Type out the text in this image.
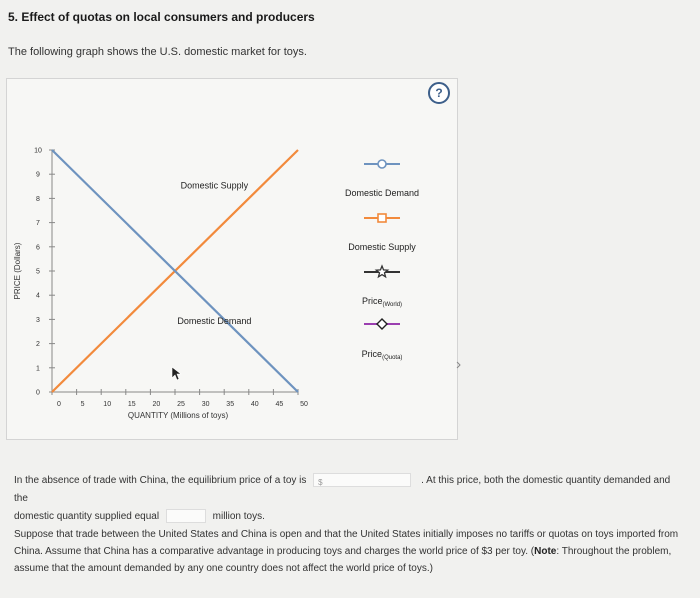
5. Effect of quotas on local consumers and producers
The following graph shows the U.S. domestic market for toys.
?
0
1
2
3
4
5
6
7
8
9
10
5	10 15 20 25 30 35 40 45 50
0
QUANTITY (Millions of toys)
PRICE (Dollars)
Domestic Supply
Domestic Demand
Domestic Demand
Domestic Supply
Price$_{(World)}$
Price$_{(Quota)}$
In the absence of trade with China, the equilibrium price of a toy is $	. At this price, both the domestic quantity demanded and the
domestic quantity supplied equal	million toys.
Suppose that trade between the United States and China is open and that the United States initially imposes no tariffs or quotas on toys imported from China. Assume that China has a comparative advantage in producing toys and charges the world price of $3 per toy. (Note: Throughout the problem, assume that the amount demanded by any one country does not affect the world price of toys.)
